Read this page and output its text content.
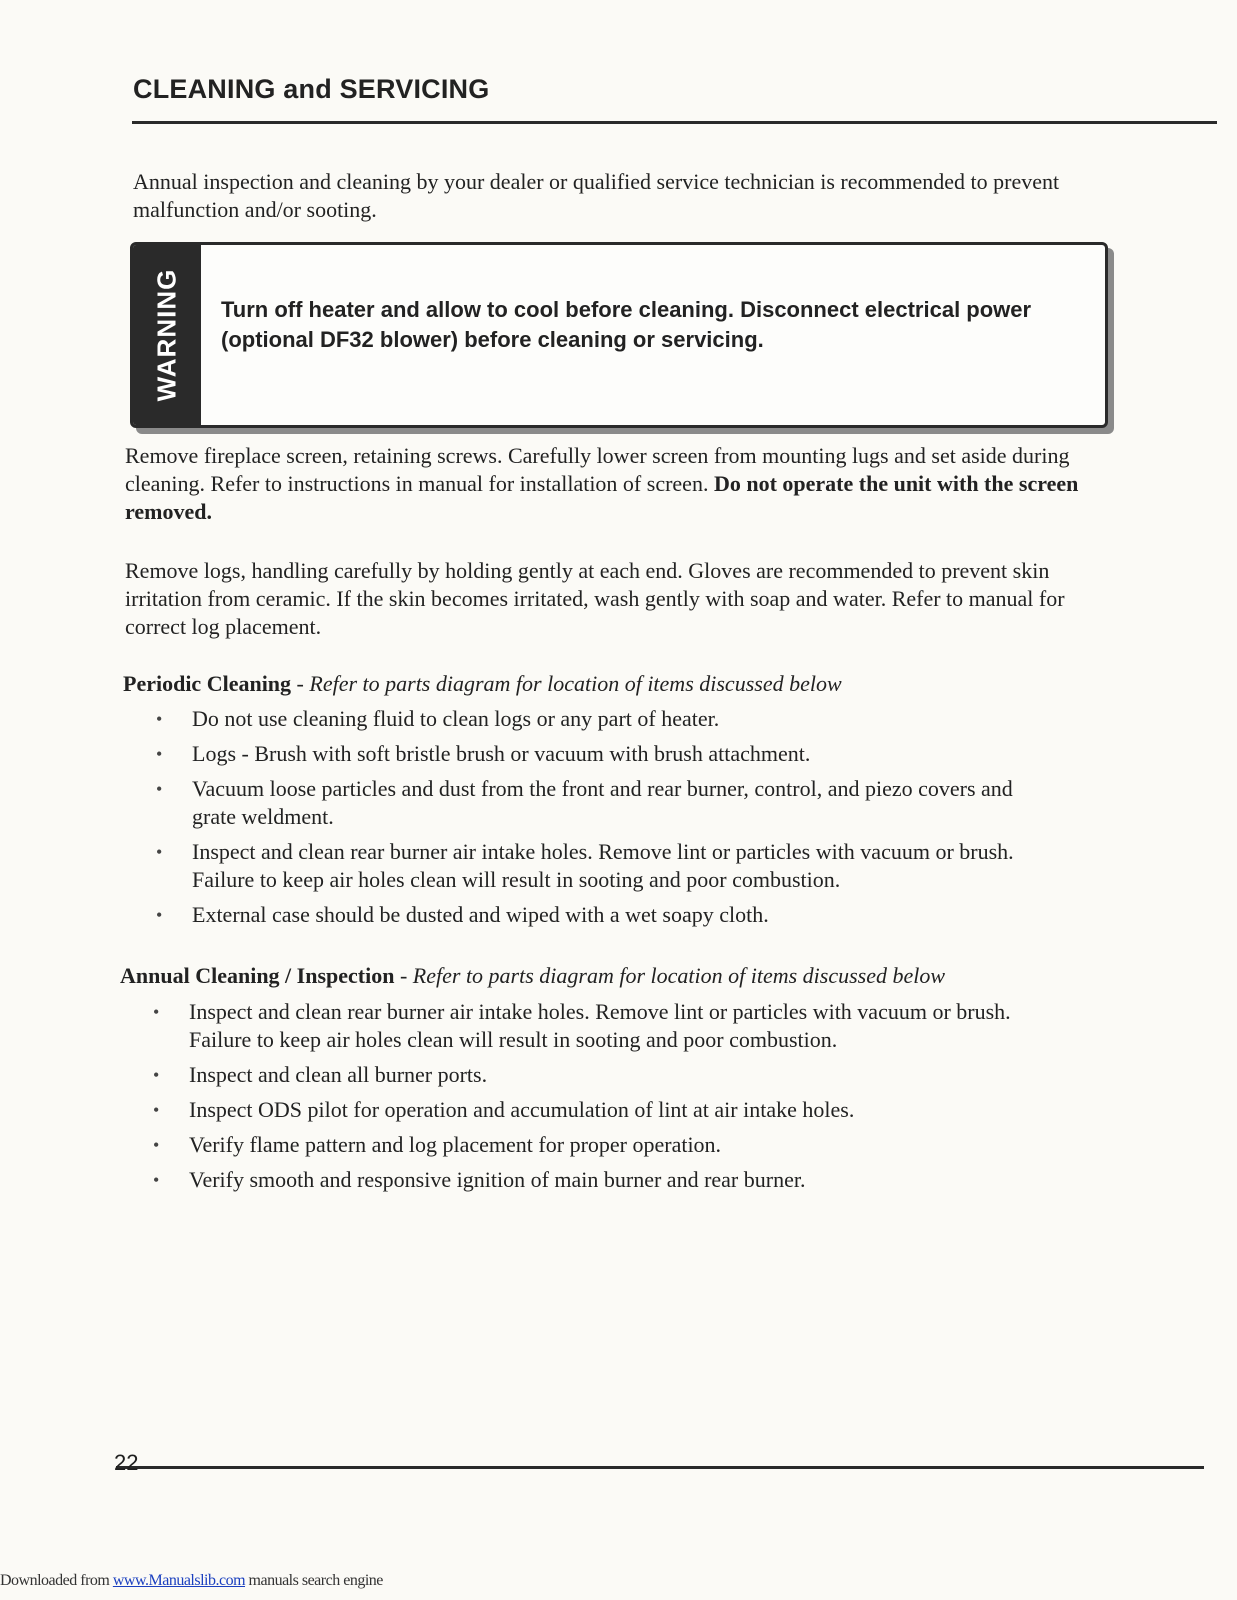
CLEANING and SERVICING

Annual inspection and cleaning by your dealer or qualified service technician is recommended to prevent malfunction and/or sooting.

WARNING Turn off heater and allow to cool before cleaning. Disconnect electrical power (optional DF32 blower) before cleaning or servicing.

Remove fireplace screen, retaining screws. Carefully lower screen from mounting lugs and set aside during cleaning. Refer to instructions in manual for installation of screen. Do not operate the unit with the screen removed.

Remove logs, handling carefully by holding gently at each end. Gloves are recommended to prevent skin irritation from ceramic. If the skin becomes irritated, wash gently with soap and water. Refer to manual for correct log placement.

Periodic Cleaning - Refer to parts diagram for location of items discussed below

• Do not use cleaning fluid to clean logs or any part of heater.
• Logs - Brush with soft bristle brush or vacuum with brush attachment.
• Vacuum loose particles and dust from the front and rear burner, control, and piezo covers and grate weldment.
• Inspect and clean rear burner air intake holes. Remove lint or particles with vacuum or brush. Failure to keep air holes clean will result in sooting and poor combustion.
• External case should be dusted and wiped with a wet soapy cloth.

Annual Cleaning / Inspection - Refer to parts diagram for location of items discussed below

• Inspect and clean rear burner air intake holes. Remove lint or particles with vacuum or brush. Failure to keep air holes clean will result in sooting and poor combustion.
• Inspect and clean all burner ports.
• Inspect ODS pilot for operation and accumulation of lint at air intake holes.
• Verify flame pattern and log placement for proper operation.
• Verify smooth and responsive ignition of main burner and rear burner.
22
Downloaded from www.Manualslib.com manuals search engine
